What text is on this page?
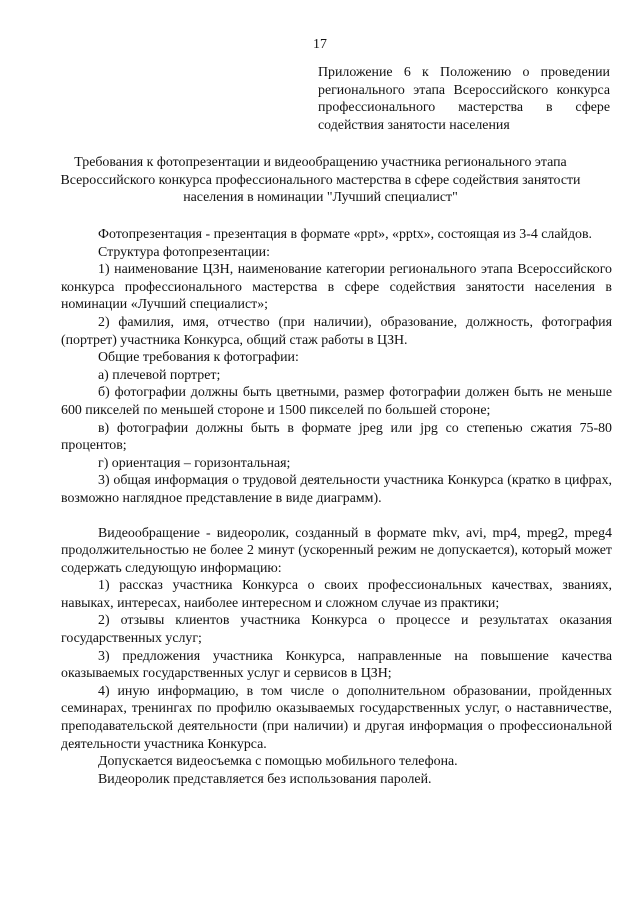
17
Приложение 6 к Положению о проведении регионального этапа Всероссийского конкурса профессионального мастерства в сфере содействия занятости населения
Требования к фотопрезентации и видеообращению участника регионального этапа Всероссийского конкурса профессионального мастерства в сфере содействия занятости населения в номинации "Лучший специалист"

Фотопрезентация - презентация в формате «ppt», «pptx», состоящая из 3-4 слайдов.

Структура фотопрезентации:

1) наименование ЦЗН, наименование категории регионального этапа Всероссийского конкурса профессионального мастерства в сфере содействия занятости населения в номинации «Лучший специалист»;

2) фамилия, имя, отчество (при наличии), образование, должность, фотография (портрет) участника Конкурса, общий стаж работы в ЦЗН.

Общие требования к фотографии:

а) плечевой портрет;

б) фотографии должны быть цветными, размер фотографии должен быть не меньше 600 пикселей по меньшей стороне и 1500 пикселей по большей стороне;

в) фотографии должны быть в формате jpeg или jpg со степенью сжатия 75-80 процентов;

г) ориентация – горизонтальная;

3) общая информация о трудовой деятельности участника Конкурса (кратко в цифрах, возможно наглядное представление в виде диаграмм).

Видеообращение - видеоролик, созданный в формате mkv, avi, mp4, mpeg2, mpeg4 продолжительностью не более 2 минут (ускоренный режим не допускается), который может содержать следующую информацию:

1) рассказ участника Конкурса о своих профессиональных качествах, званиях, навыках, интересах, наиболее интересном и сложном случае из практики;

2) отзывы клиентов участника Конкурса о процессе и результатах оказания государственных услуг;

3) предложения участника Конкурса, направленные на повышение качества оказываемых государственных услуг и сервисов в ЦЗН;

4) иную информацию, в том числе о дополнительном образовании, пройденных семинарах, тренингах по профилю оказываемых государственных услуг, о наставничестве, преподавательской деятельности (при наличии) и другая информация о профессиональной деятельности участника Конкурса.

Допускается видеосъемка с помощью мобильного телефона.

Видеоролик представляется без использования паролей.
